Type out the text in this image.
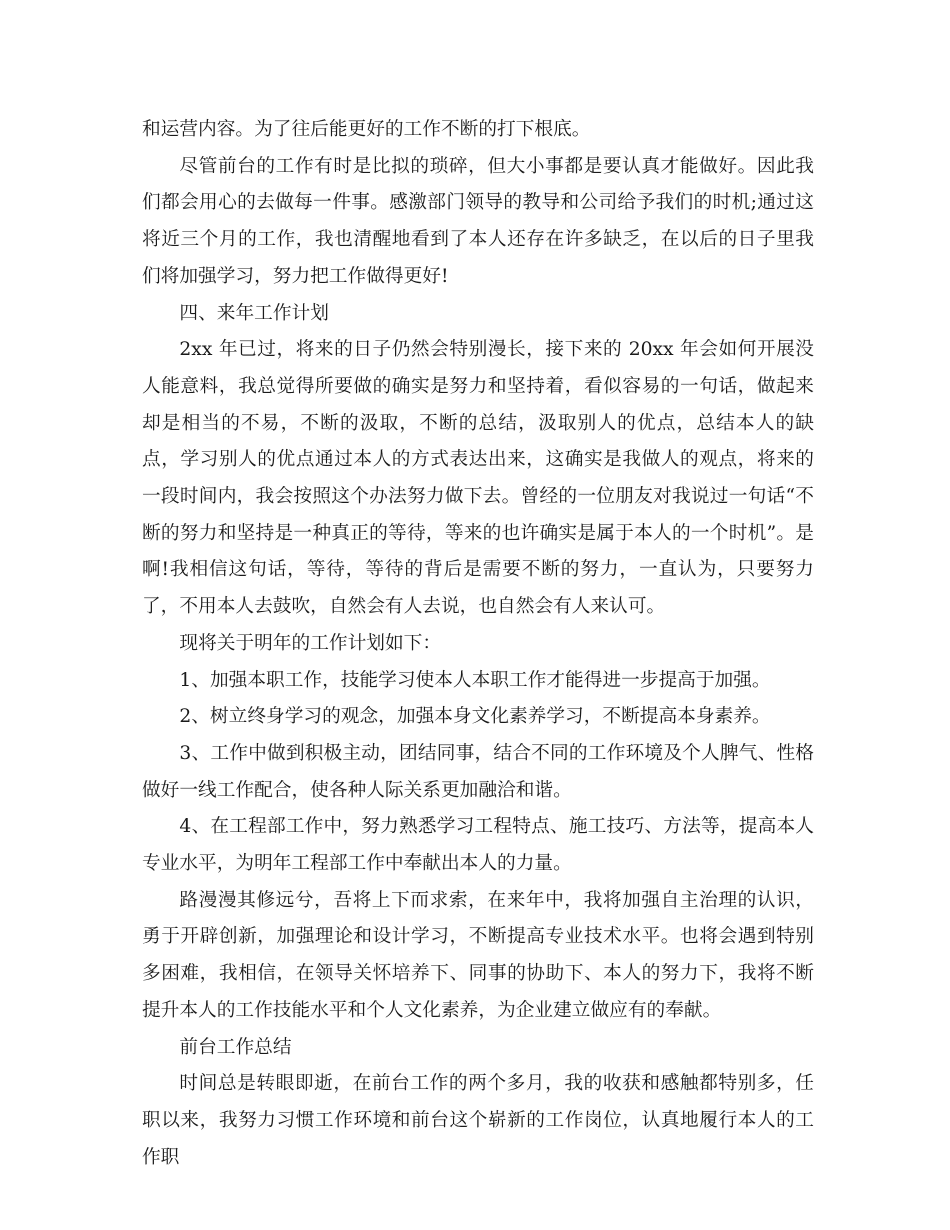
和运营内容。为了往后能更好的工作不断的打下根底。

尽管前台的工作有时是比拟的琐碎，但大小事都是要认真才能做好。因此我们都会用心的去做每一件事。感激部门领导的教导和公司给予我们的时机;通过这将近三个月的工作，我也清醒地看到了本人还存在许多缺乏，在以后的日子里我们将加强学习，努力把工作做得更好!

四、来年工作计划

2xx 年已过，将来的日子仍然会特别漫长，接下来的 20xx 年会如何开展没人能意料，我总觉得所要做的确实是努力和坚持着，看似容易的一句话，做起来却是相当的不易，不断的汲取，不断的总结，汲取别人的优点，总结本人的缺点，学习别人的优点通过本人的方式表达出来，这确实是我做人的观点，将来的一段时间内，我会按照这个办法努力做下去。曾经的一位朋友对我说过一句话“不断的努力和坚持是一种真正的等待，等来的也许确实是属于本人的一个时机”。是啊!我相信这句话，等待，等待的背后是需要不断的努力，一直认为，只要努力了，不用本人去鼓吹，自然会有人去说，也自然会有人来认可。

现将关于明年的工作计划如下：

1、加强本职工作，技能学习使本人本职工作才能得进一步提高于加强。

2、树立终身学习的观念，加强本身文化素养学习，不断提高本身素养。

3、工作中做到积极主动，团结同事，结合不同的工作环境及个人脾气、性格做好一线工作配合，使各种人际关系更加融洽和谐。

4、在工程部工作中，努力熟悉学习工程特点、施工技巧、方法等，提高本人专业水平，为明年工程部工作中奉献出本人的力量。

路漫漫其修远兮，吾将上下而求索，在来年中，我将加强自主治理的认识，勇于开辟创新，加强理论和设计学习，不断提高专业技术水平。也将会遇到特别多困难，我相信，在领导关怀培养下、同事的协助下、本人的努力下，我将不断提升本人的工作技能水平和个人文化素养，为企业建立做应有的奉献。

前台工作总结

时间总是转眼即逝，在前台工作的两个多月，我的收获和感触都特别多，任职以来，我努力习惯工作环境和前台这个崭新的工作岗位，认真地履行本人的工作职
